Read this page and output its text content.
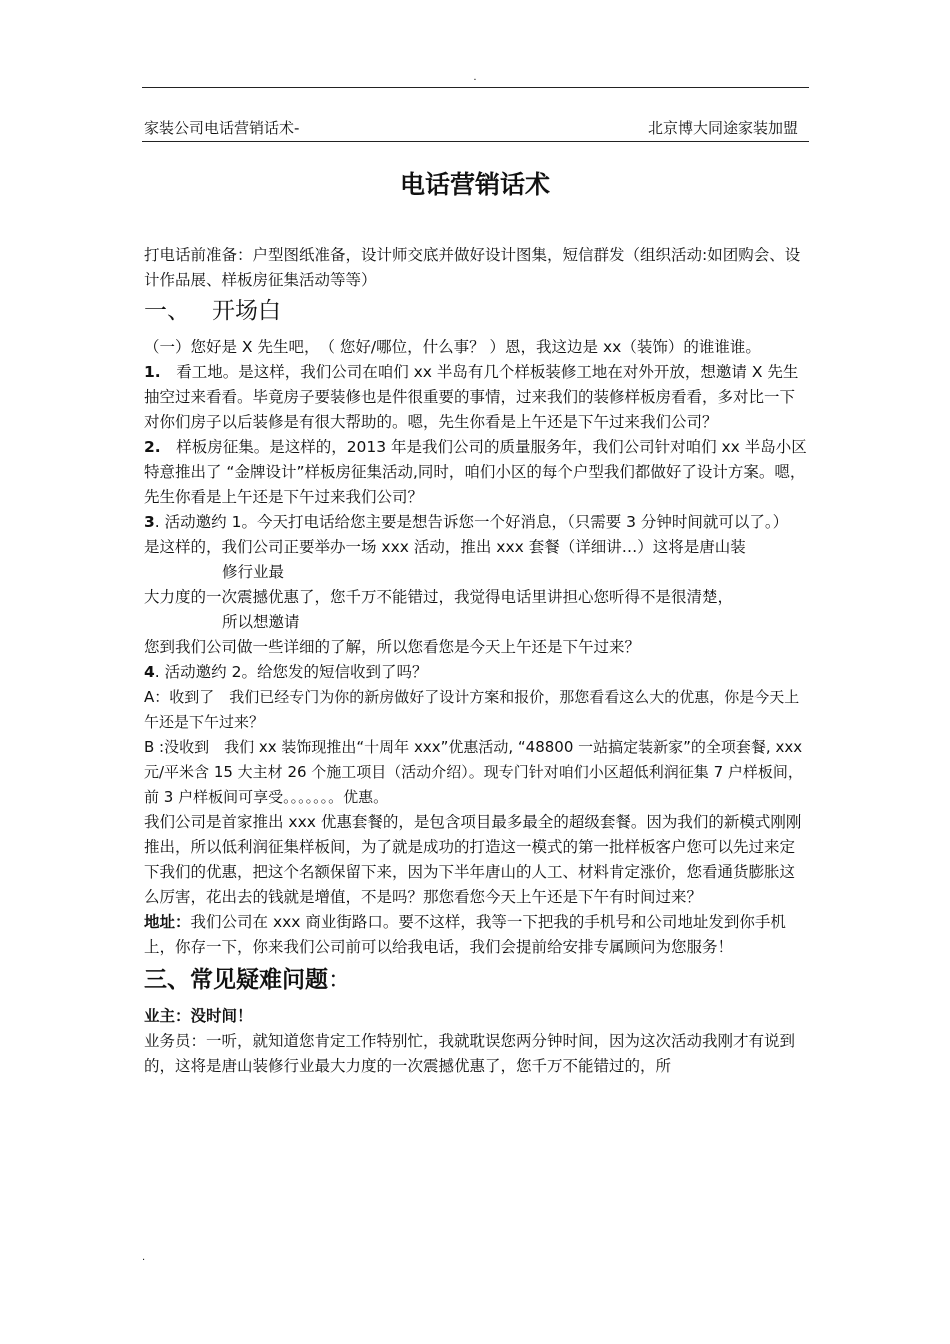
.
家装公司电话营销话术-	北京博大同途家装加盟
电话营销话术

打电话前准备：户型图纸准备，设计师交底并做好设计图集，短信群发（组织活动:如团购会、设计作品展、样板房征集活动等等）

一、 开场白

（一）您好是 X 先生吧，　（ 您好/哪位，什么事？ ）恩，我这边是 xx（装饰）的谁谁谁。

1.　看工地。是这样，我们公司在咱们 xx 半岛有几个样板装修工地在对外开放，想邀请 X 先生抽空过来看看。毕竟房子要装修也是件很重要的事情，过来我们的装修样板房看看，多对比一下 对你们房子以后装修是有很大帮助的。嗯，先生你看是上午还是下午过来我们公司？

2.　样板房征集。是这样的，2013 年是我们公司的质量服务年，我们公司针对咱们 xx 半岛小区特意推出了 “金牌设计”样板房征集活动,同时，咱们小区的每个户型我们都做好了设计方案。嗯，先生你看是上午还是下午过来我们公司？

3. 活动邀约 1。今天打电话给您主要是想告诉您一个好消息，（只需要 3 分钟时间就可以了。）

是这样的，我们公司正要举办一场 xxx 活动，推出 xxx 套餐（详细讲…）这将是唐山装

修行业最

大力度的一次震撼优惠了，您千万不能错过，我觉得电话里讲担心您听得不是很清楚，

所以想邀请

您到我们公司做一些详细的了解，所以您看您是今天上午还是下午过来？

4. 活动邀约 2。给您发的短信收到了吗？

A：收到了　我们已经专门为你的新房做好了设计方案和报价，那您看看这么大的优惠，你是今天上午还是下午过来？

B :没收到　我们 xx 装饰现推出“十周年 xxx”优惠活动, “48800 一站搞定装新家”的全项套餐, xxx 元/平米含 15 大主材 26 个施工项目（活动介绍）。现专门针对咱们小区超低利润征集 7 户样板间，前 3 户样板间可享受。。。。。。。优惠。

我们公司是首家推出 xxx 优惠套餐的，是包含项目最多最全的超级套餐。因为我们的新模式刚刚推出，所以低利润征集样板间，为了就是成功的打造这一模式的第一批样板客户您可以先过来定下我们的优惠，把这个名额保留下来，因为下半年唐山的人工、材料肯定涨价，您看通货膨胀这么厉害，花出去的钱就是增值，不是吗？那您看您今天上午还是下午有时间过来？

地址：我们公司在 xxx 商业街路口。要不这样，我等一下把我的手机号和公司地址发到你手机上，你存一下，你来我们公司前可以给我电话，我们会提前给安排专属顾问为您服务！

三、常见疑难问题：

业主：没时间！

业务员：一听，就知道您肯定工作特别忙，我就耽误您两分钟时间，因为这次活动我刚才有说到的，这将是唐山装修行业最大力度的一次震撼优惠了，您千万不能错过的，所

.
